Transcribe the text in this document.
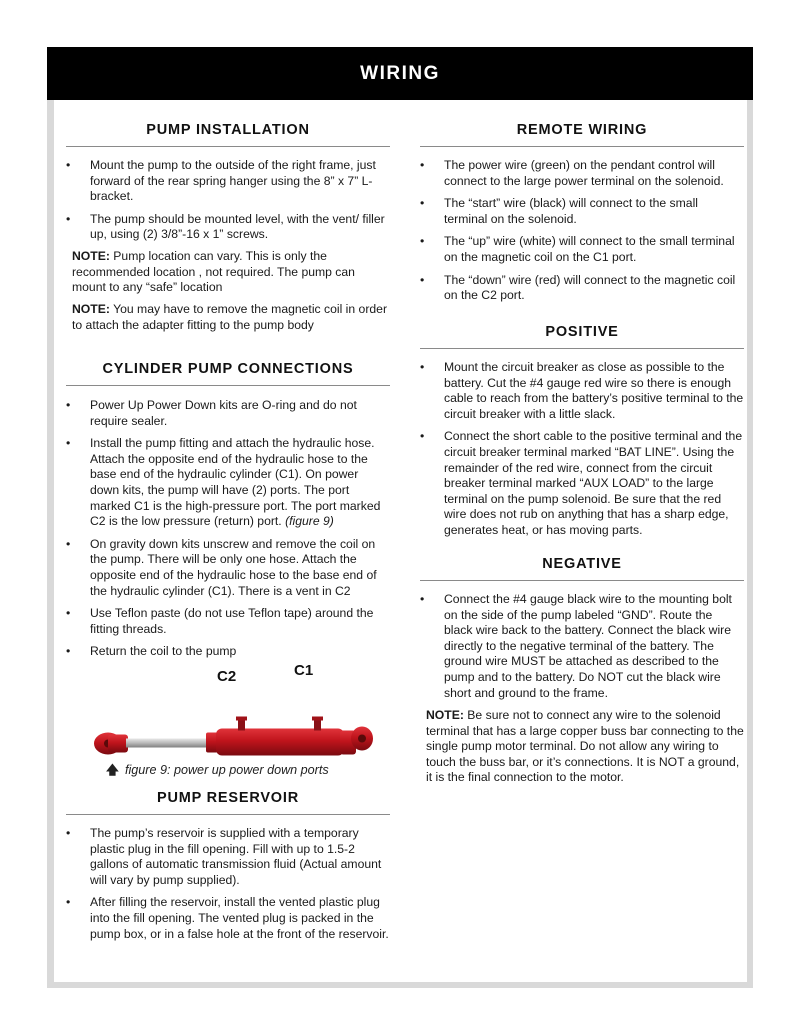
WIRING
PUMP INSTALLATION
• Mount the pump to the outside of the right frame, just forward of the rear spring hanger using the 8” x 7” L-bracket.
• The pump should be mounted level, with the vent/ filler up, using (2) 3/8”-16 x 1” screws.

NOTE: Pump location can vary. This is only the recommended location , not required. The pump can mount to any “safe” location

NOTE: You may have to remove the magnetic coil in order to attach the adapter fitting to the pump body

CYLINDER PUMP CONNECTIONS
• Power Up Power Down kits are O-ring and do not require sealer.
• Install the pump fitting and attach the hydraulic hose. Attach the opposite end of the hydraulic hose to the base end of the hydraulic cylinder (C1). On power down kits, the pump will have (2) ports. The port marked C1 is the high-pressure port. The port marked C2 is the low pressure (return) port. (figure 9)
• On gravity down kits unscrew and remove the coil on the pump. There will be only one hose. Attach the opposite end of the hydraulic hose to the base end of the hydraulic cylinder (C1). There is a vent in C2
• Use Teflon paste (do not use Teflon tape) around the fitting threads.
• Return the coil to the pump
C2	C1
🡅 figure 9: power up power down ports
PUMP RESERVOIR
• The pump’s reservoir is supplied with a temporary plastic plug in the fill opening. Fill with up to 1.5-2 gallons of automatic transmission fluid (Actual amount will vary by pump supplied).
• After filling the reservoir, install the vented plastic plug into the fill opening. The vented plug is packed in the pump box, or in a false hole at the front of the reservoir.
REMOTE WIRING
• The power wire (green) on the pendant control will connect to the large power terminal on the solenoid.
• The “start” wire (black) will connect to the small terminal on the solenoid.
• The “up” wire (white) will connect to the small terminal on the magnetic coil on the C1 port.
• The “down” wire (red) will connect to the magnetic coil on the C2 port.
POSITIVE
• Mount the circuit breaker as close as possible to the battery. Cut the #4 gauge red wire so there is enough cable to reach from the battery’s positive terminal to the circuit breaker with a little slack.
• Connect the short cable to the positive terminal and the circuit breaker terminal marked “BAT LINE”. Using the remainder of the red wire, connect from the circuit breaker terminal marked “AUX LOAD” to the large terminal on the pump solenoid. Be sure that the red wire does not rub on anything that has a sharp edge, generates heat, or has moving parts.
NEGATIVE
• Connect the #4 gauge black wire to the mounting bolt on the side of the pump labeled “GND”. Route the black wire back to the battery. Connect the black wire directly to the negative terminal of the battery. The ground wire MUST be attached as described to the pump and to the battery. Do NOT cut the black wire short and ground to the frame.

NOTE: Be sure not to connect any wire to the solenoid terminal that has a large copper buss bar connecting to the single pump motor terminal. Do not allow any wiring to touch the buss bar, or it’s connections. It is NOT a ground, it is the final connection to the motor.
